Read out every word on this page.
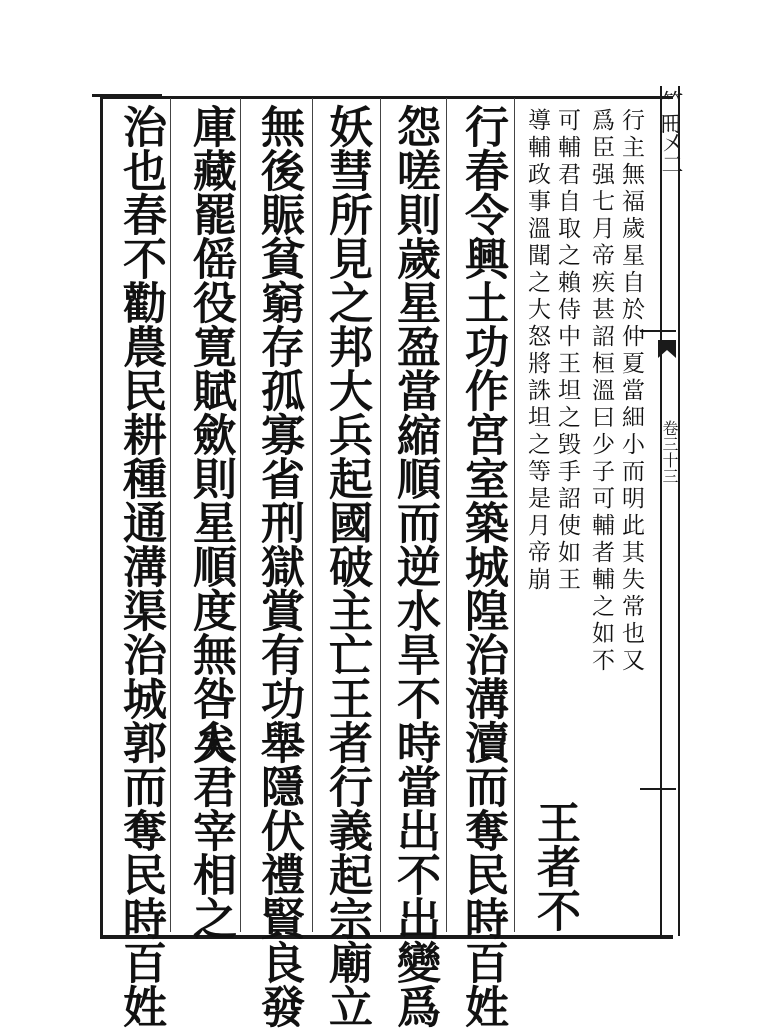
𥫗𠕁㐅二
卷三十三
行主無福歲星自於仲夏當細小而明此其失常也又
爲臣强七月帝疾甚詔桓溫曰少子可輔者輔之如不
可輔君自取之賴侍中王坦之毁手詔使如王
導輔政事溫聞之大怒將誅坦之等是月帝崩
王者不
行春令興土功作宮室築城隍治溝瀆而奪民時百姓
怨嗟則歲星盈當縮順而逆水旱不時當出不出變爲
妖彗所見之邦大兵起國破主亡王者行義起宗廟立
無後賑貧窮存孤寡省刑獄賞有功舉隱伏禮賢良發
庫藏罷傜役寛賦歛則星順度無咎矣
人君宰相之
治也春不勸農民耕種通溝渠治城郭而奪民時百姓
